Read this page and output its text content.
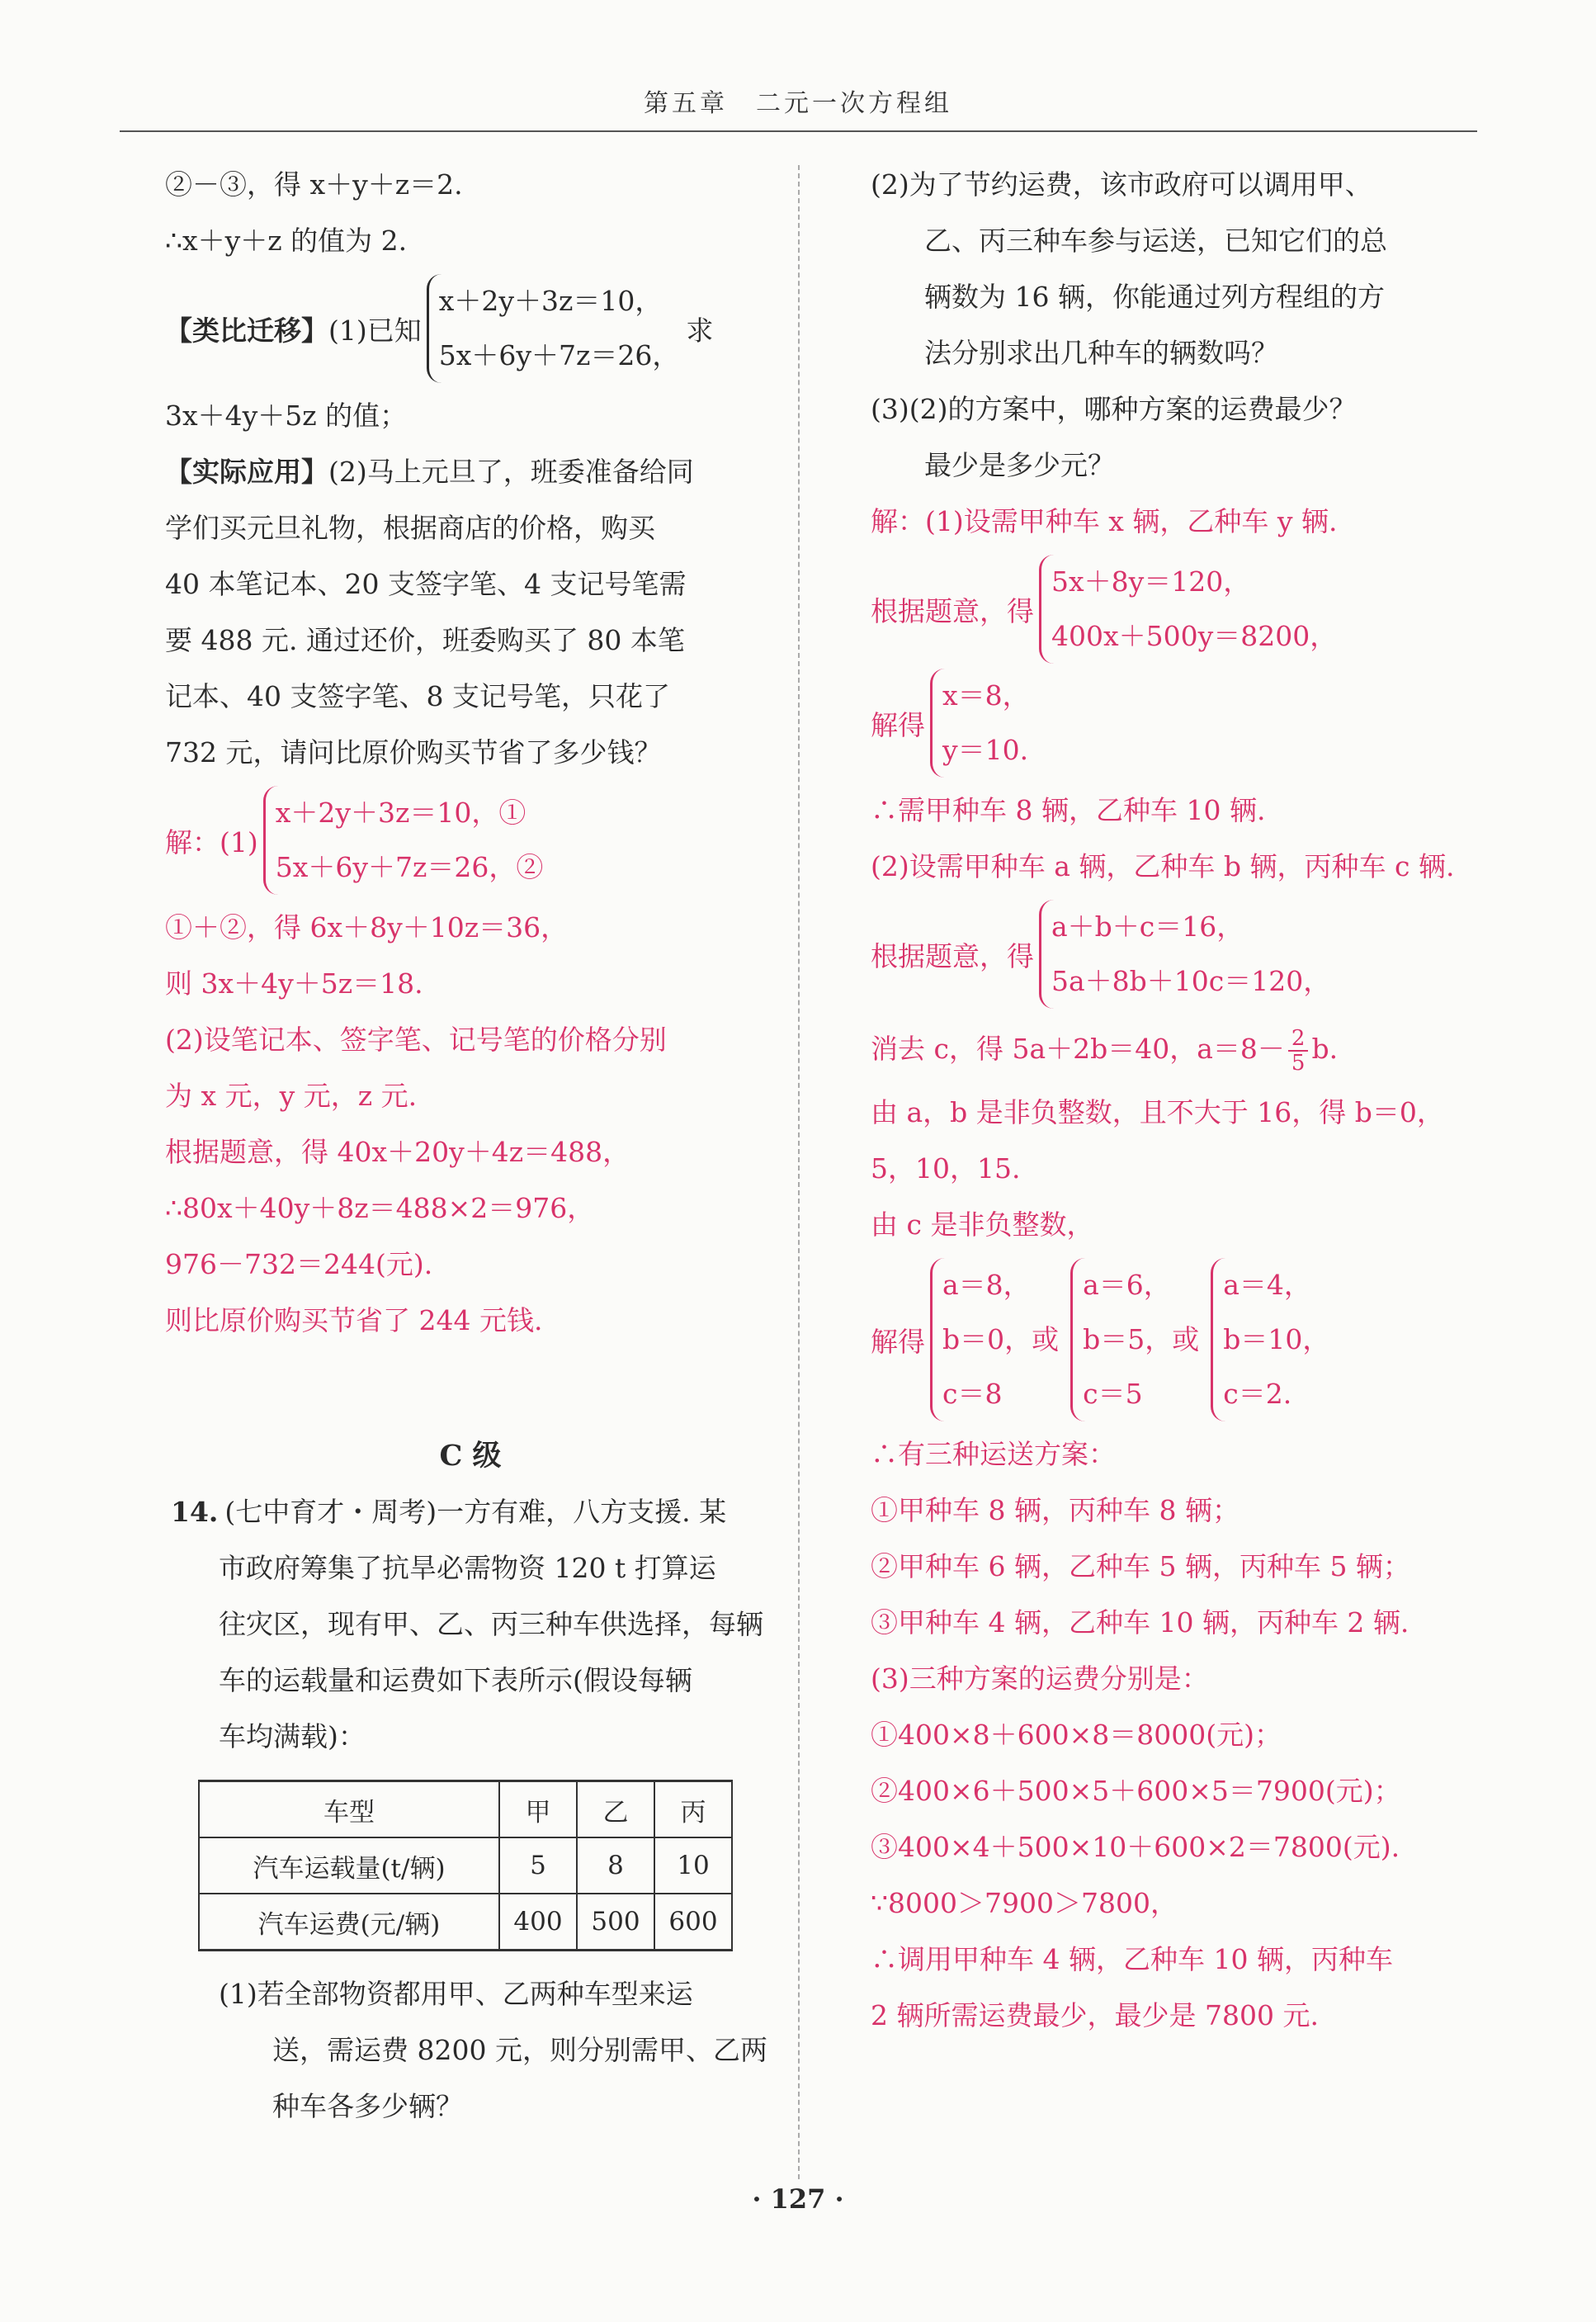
第五章　二元一次方程组
②－③，得 x＋y＋z＝2.
∴x＋y＋z 的值为 2.
【类比迁移】 (1)已知
x＋2y＋3z＝10，
5x＋6y＋7z＝26，
求
3x＋4y＋5z 的值；
【实际应用】(2)马上元旦了，班委准备给同
学们买元旦礼物，根据商店的价格，购买
40 本笔记本、20 支签字笔、4 支记号笔需
要 488 元. 通过还价，班委购买了 80 本笔
记本、40 支签字笔、8 支记号笔，只花了
732 元，请问比原价购买节省了多少钱？
解：(1)
x＋2y＋3z＝10，①
5x＋6y＋7z＝26，②
①＋②，得 6x＋8y＋10z＝36，
则 3x＋4y＋5z＝18.
(2)设笔记本、签字笔、记号笔的价格分别
为 x 元，y 元，z 元.
根据题意，得 40x＋20y＋4z＝488，
∴80x＋40y＋8z＝488×2＝976，
976－732＝244(元).
则比原价购买节省了 244 元钱.
C 级
14. (七中育才・周考)一方有难，八方支援. 某
市政府筹集了抗旱必需物资 120 t 打算运
往灾区，现有甲、乙、丙三种车供选择，每辆
车的运载量和运费如下表所示(假设每辆
车均满载)：
车型	甲	乙	丙
汽车运载量(t/辆)	5	8	10
汽车运费(元/辆)	400	500	600
(1)若全部物资都用甲、乙两种车型来运
送，需运费 8200 元，则分别需甲、乙两
种车各多少辆？
(2)为了节约运费，该市政府可以调用甲、
乙、丙三种车参与运送，已知它们的总
辆数为 16 辆，你能通过列方程组的方
法分别求出几种车的辆数吗？
(3)(2)的方案中，哪种方案的运费最少？
最少是多少元？
解：(1)设需甲种车 x 辆，乙种车 y 辆.
根据题意，得
5x＋8y＝120，
400x＋500y＝8200，
解得
x＝8，
y＝10.
∴需甲种车 8 辆，乙种车 10 辆.
(2)设需甲种车 a 辆，乙种车 b 辆，丙种车 c 辆.
根据题意，得
a＋b＋c＝16，
5a＋8b＋10c＝120，
消去 c，得 5a＋2b＝40，$a=8- \frac{2}{5} b$.
由 a，b 是非负整数，且不大于 16，得 b＝0，
5，10，15.
由 c 是非负整数，
解得
a＝8，
b＝0，或
c＝8
a＝6，
b＝5，或
c＝5
a＝4，
b＝10，
c＝2.
∴有三种运送方案：
①甲种车 8 辆，丙种车 8 辆；
②甲种车 6 辆，乙种车 5 辆，丙种车 5 辆；
③甲种车 4 辆，乙种车 10 辆，丙种车 2 辆.
(3)三种方案的运费分别是：
①400×8＋600×8＝8000(元)；
②400×6＋500×5＋600×5＝7900(元)；
③400×4＋500×10＋600×2＝7800(元).
∵8000＞7900＞7800，
∴调用甲种车 4 辆，乙种车 10 辆，丙种车
2 辆所需运费最少，最少是 7800 元.
· 127 ·
